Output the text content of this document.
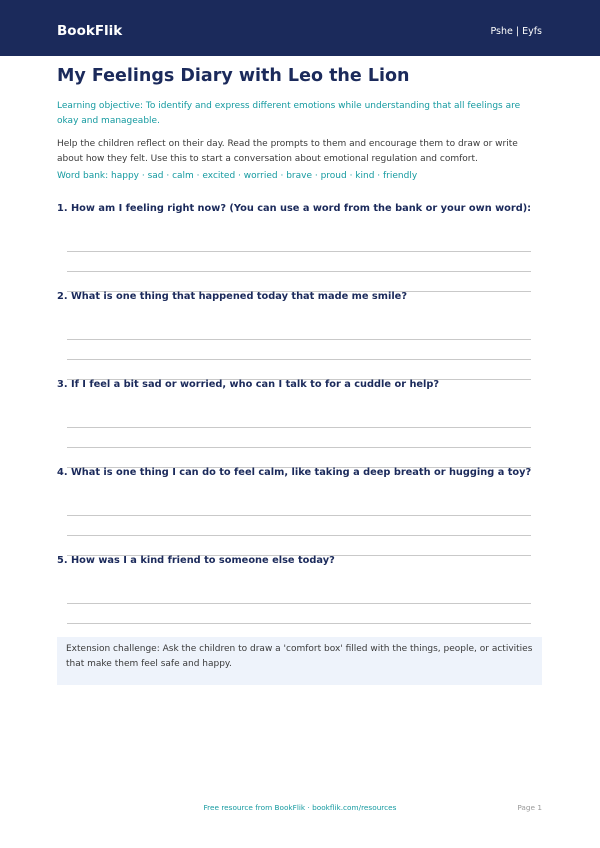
BookFlik	Pshe | Eyfs
My Feelings Diary with Leo the Lion
Learning objective: To identify and express different emotions while understanding that all feelings are okay and manageable.
Help the children reflect on their day. Read the prompts to them and encourage them to draw or write about how they felt. Use this to start a conversation about emotional regulation and comfort.
Word bank: happy · sad · calm · excited · worried · brave · proud · kind · friendly
1. How am I feeling right now? (You can use a word from the bank or your own word):
2. What is one thing that happened today that made me smile?
3. If I feel a bit sad or worried, who can I talk to for a cuddle or help?
4. What is one thing I can do to feel calm, like taking a deep breath or hugging a toy?
5. How was I a kind friend to someone else today?
Extension challenge: Ask the children to draw a 'comfort box' filled with the things, people, or activities that make them feel safe and happy.
Free resource from BookFlik · bookflik.com/resources	Page 1
